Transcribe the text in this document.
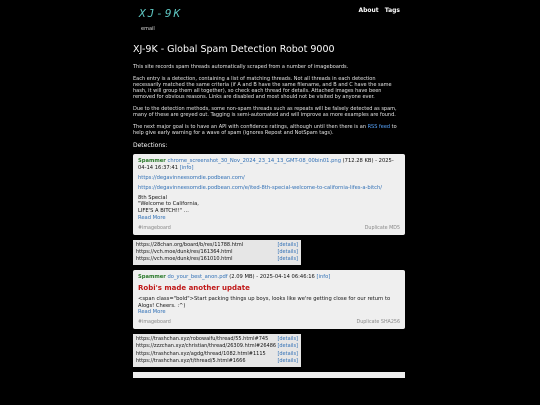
XJ-9K
email
About Tags
XJ-9K - Global Spam Detection Robot 9000

This site records spam threads automatically scraped from a number of imageboards.

Each entry is a detection, containing a list of matching threads. Not all threads in each detection necessarily matched the same criteria (if A and B have the same filename, and B and C have the same hash, it will group them all together), so check each thread for details. Attached images have been removed for obvious reasons. Links are disabled and most should not be visited by anyone ever.

Due to the detection methods, some non-spam threads such as repeats will be falsely detected as spam, many of these are greyed out. Tagging is semi-automated and will improve as more examples are found.

The next major goal is to have an API with confidence ratings, although until then there is an RSS feed to help give early warning for a wave of spam (ignores Repost and NotSpam tags).

Detections:
Spammer chrome_screenshot_30_Nov_2024_23_14_13_GMT-08_00bin01.png (712.28 KB) - 2025-04-14 16:37:41 [info]
https://degavinneesomdie.podbean.com/
https://degavinneesomdie.podbean.com/e/ited-8th-special-welcome-to-california-lifes-a-bitch/
8th Special
"Welcome to California,
LIFE'S A BITCH!!" ...
Read More
#imageboard	Duplicate MD5
https://28chan.org/board/b/res/11788.html	[details]
https://vch.moe/dunk/res/161364.html	[details]
https://vch.moe/dunk/res/161010.html	[details]
Spammer do_your_best_anon.pdf (2.09 MB) - 2025-04-14 06:46:16 [info]
Robi's made another update
<span class="bold">Start packing things up boys, looks like we're getting close for our return to Alogs! Cheers. :^)
Read More
#imageboard	Duplicate SHA256
https://trashchan.xyz/robowaifu/thread/55.html#745 [details]
https://zzzchan.xyz/christian/thread/26309.html#26486 [details]
https://trashchan.xyz/agdg/thread/1082.html#1115 [details]
https://trashchan.xyz/t/thread/5.html#1666	[details]
